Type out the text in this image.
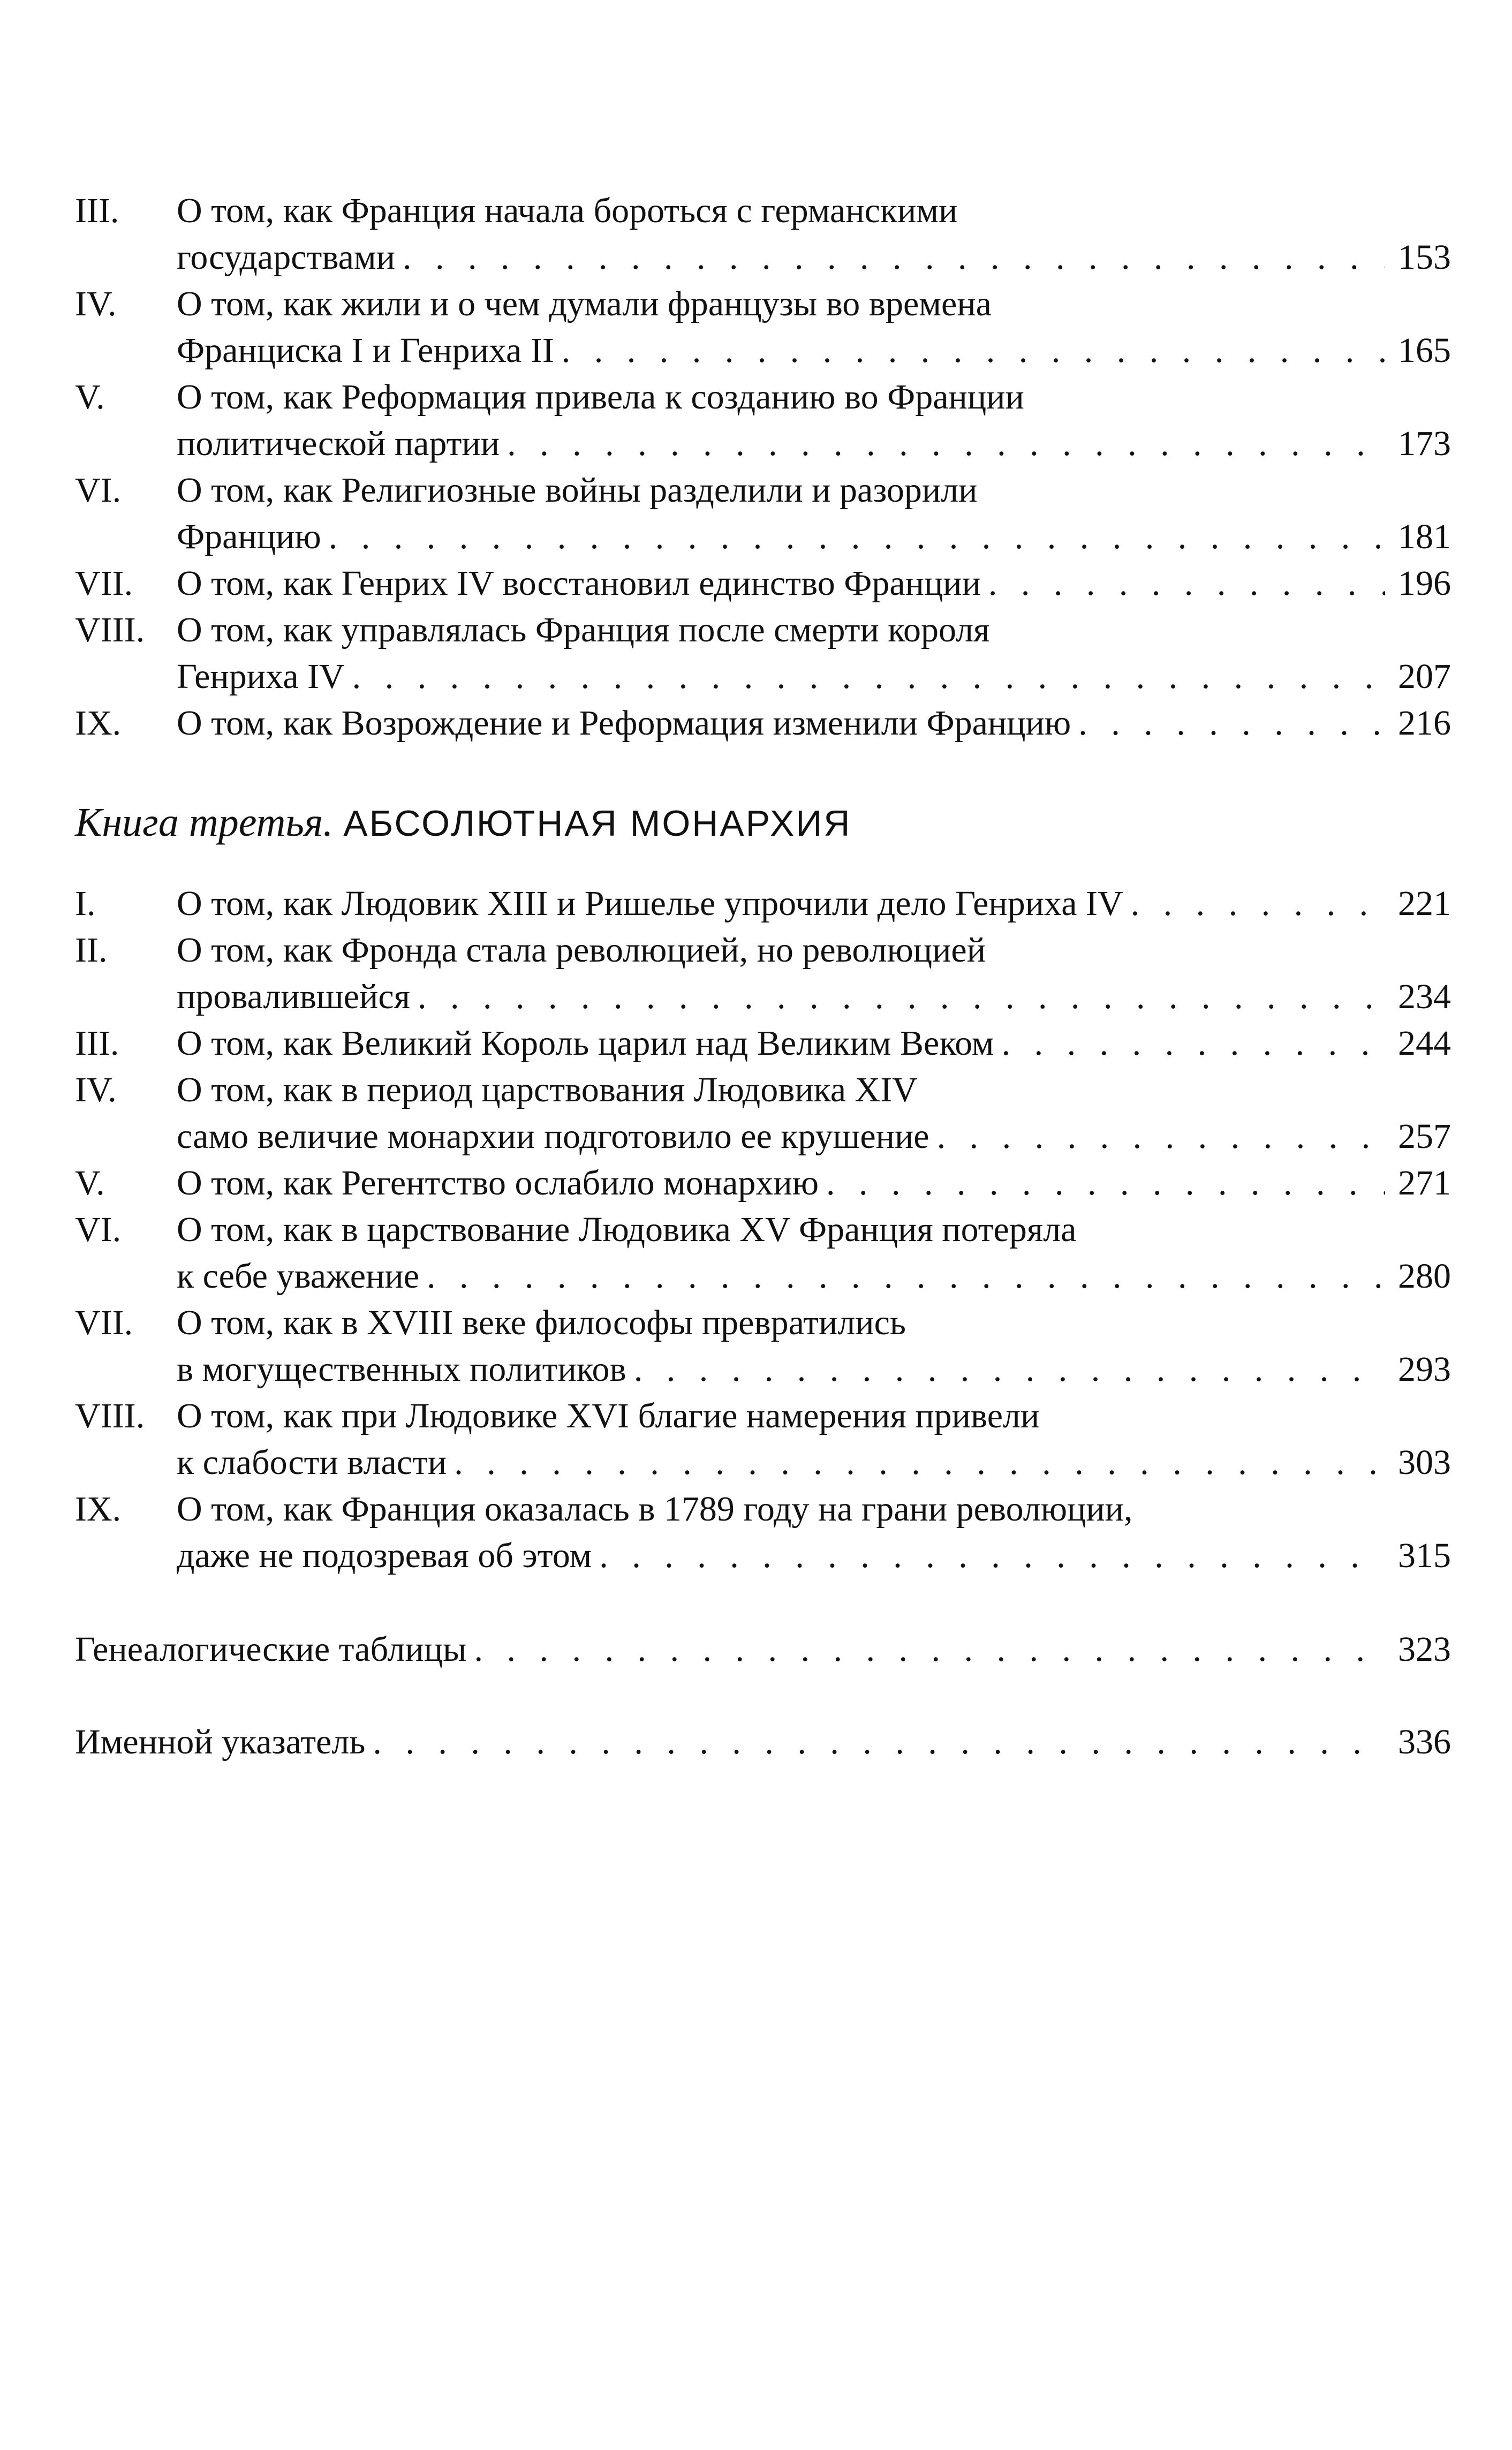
III.	О том, как Франция начала бороться с германскими
государствами . . .	153
IV.	О том, как жили и о чем думали французы во времена
Франциска I и Генриха II . . .	165
V.	О том, как Реформация привела к созданию во Франции
политической партии . . .	173
VI.	О том, как Религиозные войны разделили и разорили
Францию . . .	181
VII.	О том, как Генрих IV восстановил единство Франции . . .	196
VIII. О том, как управлялась Франция после смерти короля
Генриха IV . . .	207
IX.	О том, как Возрождение и Реформация изменили Францию . . .	216
Книга третья. АБСОЛЮТНАЯ МОНАРХИЯ
I.	О том, как Людовик XIII и Ришелье упрочили дело Генриха IV . . .	221
II.	О том, как Фронда стала революцией, но революцией
провалившейся . . .	234
III.	О том, как Великий Король царил над Великим Веком . . .	244
IV.	О том, как в период царствования Людовика XIV
само величие монархии подготовило ее крушение . . .	257
V.	О том, как Регентство ослабило монархию . . .	271
VI.	О том, как в царствование Людовика XV Франция потеряла
к себе уважение . . .	280
VII.	О том, как в XVIII веке философы превратились
в могущественных политиков . . .	293
VIII. О том, как при Людовике XVI благие намерения привели
к слабости власти . . .	303
IX.	О том, как Франция оказалась в 1789 году на грани революции,
даже не подозревая об этом . . .	315
Генеалогические таблицы . . .	323
Именной указатель . . .	336
